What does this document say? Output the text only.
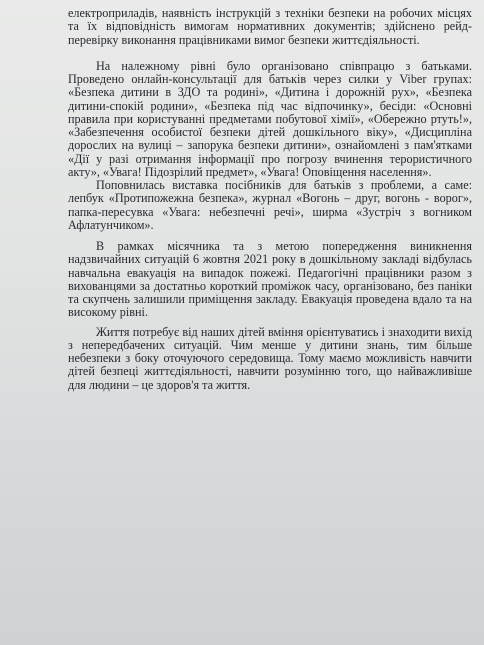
електроприладів, наявність інструкцій з техніки безпеки на робочих місцях та їх відповідність вимогам нормативних документів; здійснено рейд-перевірку виконання працівниками вимог безпеки життєдіяльності.

На належному рівні було організовано співпрацю з батьками. Проведено онлайн-консультації для батьків через силки у Viber групах: «Безпека дитини в ЗДО та родині», «Дитина і дорожній рух», «Безпека дитини-спокій родини», «Безпека під час відпочинку», бесіди: «Основні правила при користуванні предметами побутової хімії», «Обережно ртуть!», «Забезпечення особистої безпеки дітей дошкільного віку», «Дисципліна дорослих на вулиці – запорука безпеки дитини», ознайомлені з пам'ятками «Дії у разі отримання інформації про погрозу вчинення терористичного акту», «Увага! Підозрілий предмет», «Увага! Оповіщення населення».

Поповнилась виставка посібників для батьків з проблеми, а саме: лепбук «Протипожежна безпека», журнал «Вогонь – друг, вогонь - ворог», папка-пересувка «Увага: небезпечні речі», ширма «Зустріч з вогником Афлатунчиком».

В рамках місячника та з метою попередження виникнення надзвичайних ситуацій 6 жовтня 2021 року в дошкільному закладі відбулась навчальна евакуація на випадок пожежі. Педагогічні працівники разом з вихованцями за достатньо короткий проміжок часу, організовано, без паніки та скупчень залишили приміщення закладу. Евакуація проведена вдало та на високому рівні.

Життя потребує від наших дітей вміння орієнтуватись і знаходити вихід з непередбачених ситуацій. Чим менше у дитини знань, тим більше небезпеки з боку оточуючого середовища. Тому маємо можливість навчити дітей безпеці життєдіяльності, навчити розумінню того, що найважливіше для людини – це здоров'я та життя.
